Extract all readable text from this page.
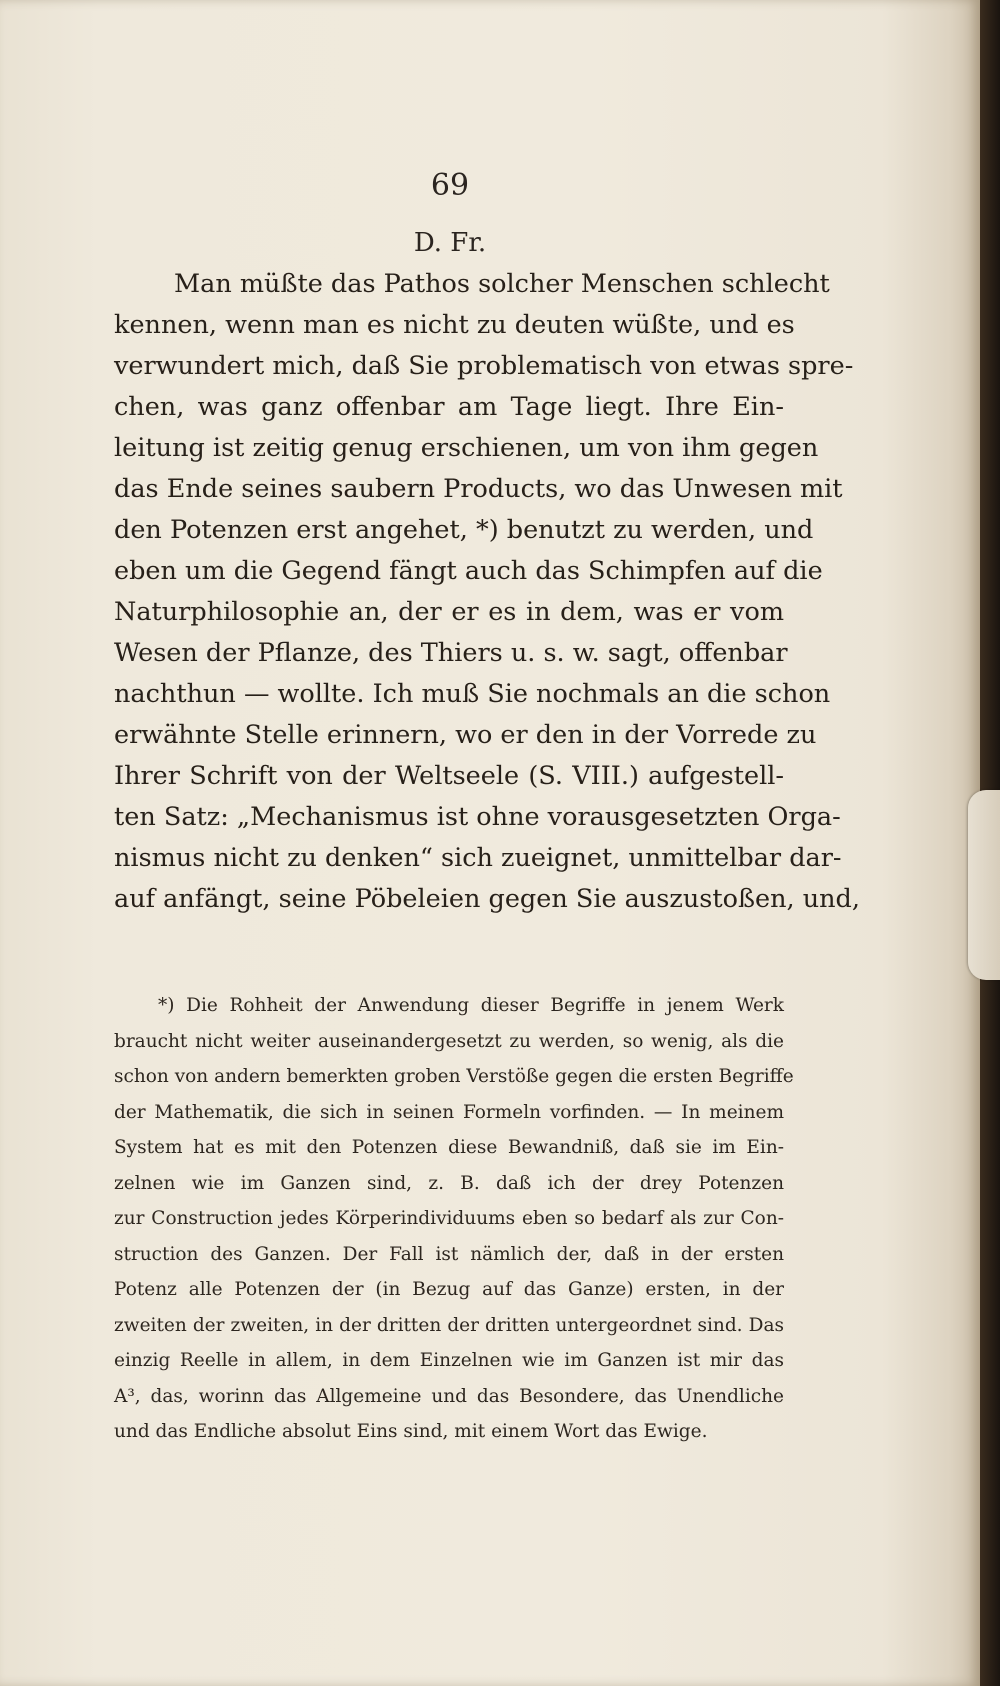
69
D. Fr.
Man müßte das Pathos solcher Menschen schlecht
kennen, wenn man es nicht zu deuten wüßte, und es
verwundert mich, daß Sie problematisch von etwas spre-
chen, was ganz offenbar am Tage liegt. Ihre Ein-
leitung ist zeitig genug erschienen, um von ihm gegen
das Ende seines saubern Products, wo das Unwesen mit
den Potenzen erst angehet, *) benutzt zu werden, und
eben um die Gegend fängt auch das Schimpfen auf die
Naturphilosophie an, der er es in dem, was er vom
Wesen der Pflanze, des Thiers u. s. w. sagt, offenbar
nachthun — wollte. Ich muß Sie nochmals an die schon
erwähnte Stelle erinnern, wo er den in der Vorrede zu
Ihrer Schrift von der Weltseele (S. VIII.) aufgestell-
ten Satz: „Mechanismus ist ohne vorausgesetzten Orga-
nismus nicht zu denken“ sich zueignet, unmittelbar dar-
auf anfängt, seine Pöbeleien gegen Sie auszustoßen, und,
*) Die Rohheit der Anwendung dieser Begriffe in jenem Werk
braucht nicht weiter auseinandergesetzt zu werden, so wenig, als die
schon von andern bemerkten groben Verstöße gegen die ersten Begriffe
der Mathematik, die sich in seinen Formeln vorfinden. — In meinem
System hat es mit den Potenzen diese Bewandniß, daß sie im Ein-
zelnen wie im Ganzen sind, z. B. daß ich der drey Potenzen
zur Construction jedes Körperindividuums eben so bedarf als zur Con-
struction des Ganzen. Der Fall ist nämlich der, daß in der ersten
Potenz alle Potenzen der (in Bezug auf das Ganze) ersten, in der
zweiten der zweiten, in der dritten der dritten untergeordnet sind. Das
einzig Reelle in allem, in dem Einzelnen wie im Ganzen ist mir das
A³, das, worinn das Allgemeine und das Besondere, das Unendliche
und das Endliche absolut Eins sind, mit einem Wort das Ewige.
